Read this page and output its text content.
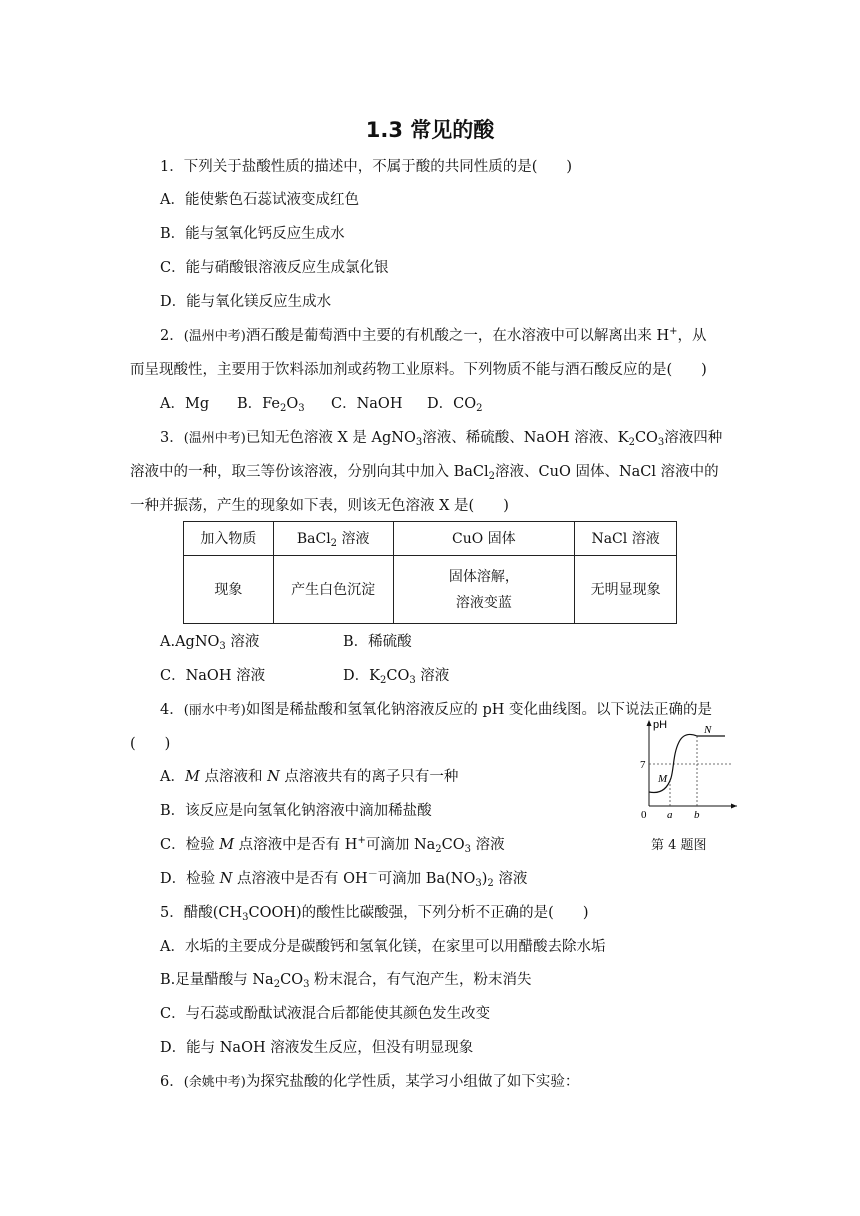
1.3 常见的酸
1．下列关于盐酸性质的描述中，不属于酸的共同性质的是(　　)
A．能使紫色石蕊试液变成红色
B．能与氢氧化钙反应生成水
C．能与硝酸银溶液反应生成氯化银
D．能与氧化镁反应生成水
2．(温州中考)酒石酸是葡萄酒中主要的有机酸之一，在水溶液中可以解离出来 H+，从
而呈现酸性，主要用于饮料添加剂或药物工业原料。下列物质不能与酒石酸反应的是(　　)
A．Mg B．$Fe_2O_3$ C．NaOH D．$CO_2$
3．(温州中考)已知无色溶液 X 是 AgNO$_3$溶液、稀硫酸、NaOH 溶液、$K_2CO_3$溶液四种
溶液中的一种，取三等份该溶液，分别向其中加入 BaCl$_2$溶液、CuO 固体、NaCl 溶液中的
一种并振荡，产生的现象如下表，则该无色溶液 X 是(　　)
加入物质	BaCl$_2$ 溶液	CuO 固体	NaCl 溶液
现象	产生白色沉淀	固体溶解，
溶液变蓝	无明显现象
A.AgNO$_3$ 溶液	B．稀硫酸
C．NaOH 溶液	D．$K_2CO_3$ 溶液
4．(丽水中考)如图是稀盐酸和氢氧化钠溶液反应的 pH 变化曲线图。以下说法正确的是
(　　)
A．M 点溶液和 N 点溶液共有的离子只有一种
B．该反应是向氢氧化钠溶液中滴加稀盐酸
C．检验 M 点溶液中是否有 H+可滴加 $Na_2CO_3$ 溶液
D．检验 N 点溶液中是否有 OH－可滴加 $Ba(NO_3)_2$ 溶液
pH
7
0 a b
M
N
第 4 题图
5．醋酸$(CH_3COOH)$的酸性比碳酸强，下列分析不正确的是(　　)
A．水垢的主要成分是碳酸钙和氢氧化镁，在家里可以用醋酸去除水垢
B.足量醋酸与 $Na_2CO_3$ 粉末混合，有气泡产生，粉末消失
C．与石蕊或酚酞试液混合后都能使其颜色发生改变
D．能与 NaOH 溶液发生反应，但没有明显现象
6．(余姚中考)为探究盐酸的化学性质，某学习小组做了如下实验：
